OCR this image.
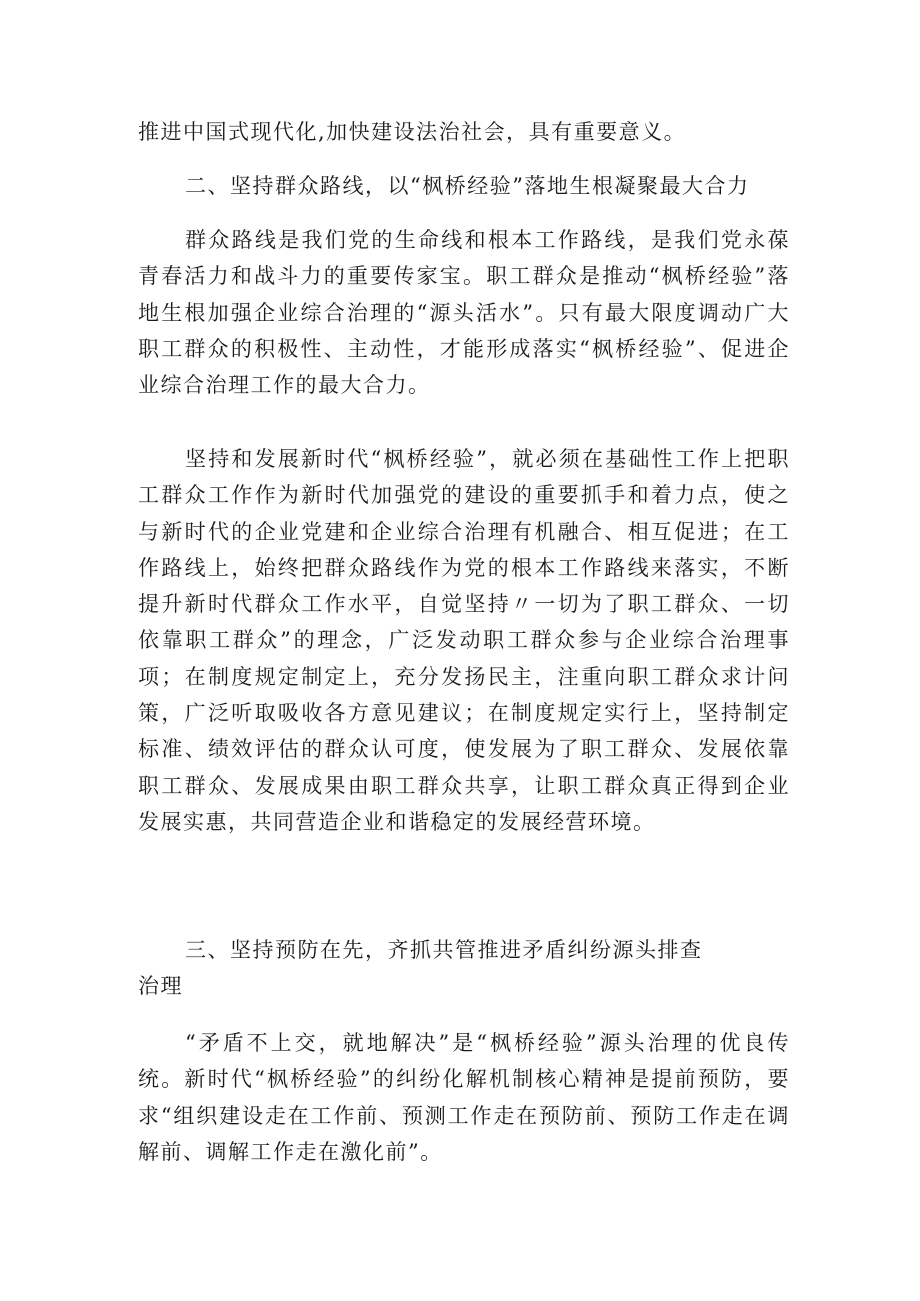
推进中国式现代化,加快建设法治社会，具有重要意义。

二、坚持群众路线，以“枫桥经验”落地生根凝聚最大合力

群众路线是我们党的生命线和根本工作路线，是我们党永葆青春活力和战斗力的重要传家宝。职工群众是推动“枫桥经验”落地生根加强企业综合治理的“源头活水”。只有最大限度调动广大职工群众的积极性、主动性，才能形成落实“枫桥经验”、促进企业综合治理工作的最大合力。

坚持和发展新时代“枫桥经验”，就必须在基础性工作上把职工群众工作作为新时代加强党的建设的重要抓手和着力点，使之与新时代的企业党建和企业综合治理有机融合、相互促进；在工作路线上，始终把群众路线作为党的根本工作路线来落实，不断提升新时代群众工作水平，自觉坚持〃一切为了职工群众、一切依靠职工群众”的理念，广泛发动职工群众参与企业综合治理事项；在制度规定制定上，充分发扬民主，注重向职工群众求计问策，广泛听取吸收各方意见建议；在制度规定实行上，坚持制定标准、绩效评估的群众认可度，使发展为了职工群众、发展依靠职工群众、发展成果由职工群众共享，让职工群众真正得到企业发展实惠，共同营造企业和谐稳定的发展经营环境。

三、坚持预防在先，齐抓共管推进矛盾纠纷源头排查
治理

“矛盾不上交，就地解决”是“枫桥经验”源头治理的优良传统。新时代“枫桥经验”的纠纷化解机制核心精神是提前预防，要求“组织建设走在工作前、预测工作走在预防前、预防工作走在调解前、调解工作走在激化前”。
